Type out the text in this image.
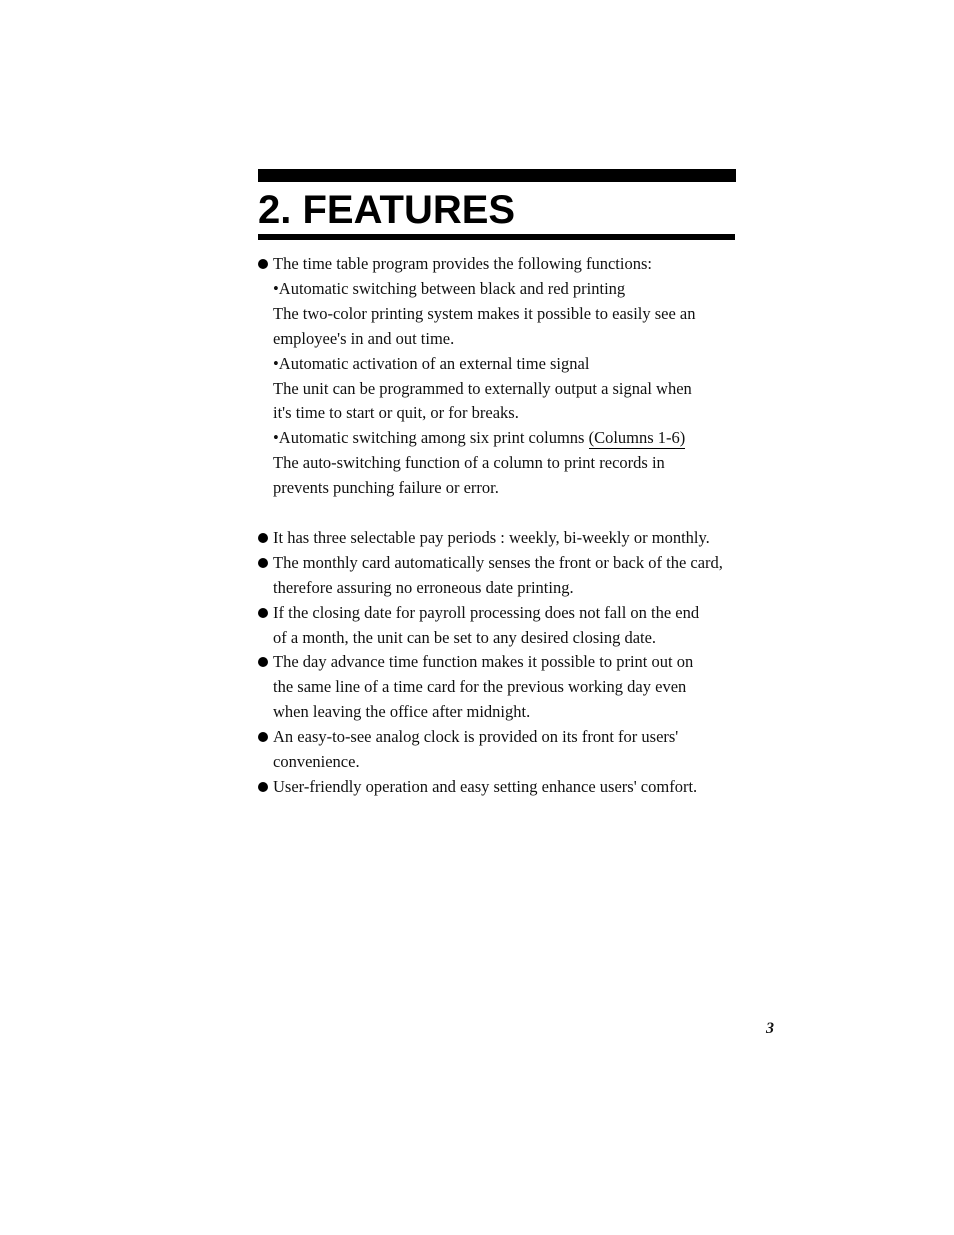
2. FEATURES
The time table program provides the following functions:
•Automatic switching between black and red printing
The two-color printing system makes it possible to easily see an
employee's in and out time.
•Automatic activation of an external time signal
The unit can be programmed to externally output a signal when
it's time to start or quit, or for breaks.
•Automatic switching among six print columns (Columns 1-6)
The auto-switching function of a column to print records in
prevents punching failure or error.
It has three selectable pay periods : weekly, bi-weekly or monthly.
The monthly card automatically senses the front or back of the card,
therefore assuring no erroneous date printing.
If the closing date for payroll processing does not fall on the end
of a month, the unit can be set to any desired closing date.
The day advance time function makes it possible to print out on
the same line of a time card for the previous working day even
when leaving the office after midnight.
An easy-to-see analog clock is provided on its front for users'
convenience.
User-friendly operation and easy setting enhance users' comfort.
3
